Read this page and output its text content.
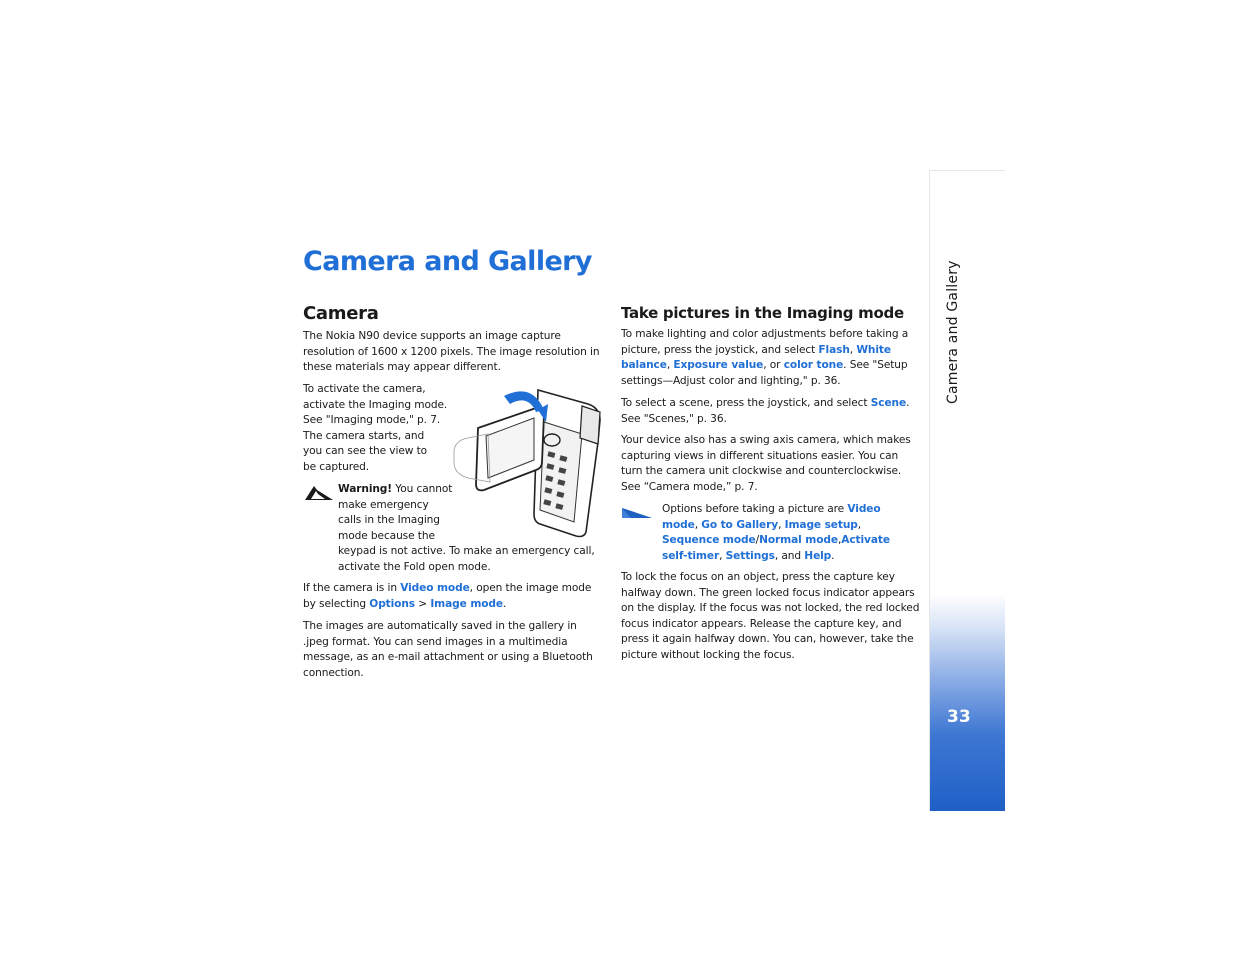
Camera and Gallery
Camera

The Nokia N90 device supports an image capture resolution of 1600 x 1200 pixels. The image resolution in these materials may appear different.

To activate the camera,

activate the Imaging mode.

See "Imaging mode," p. 7.

The camera starts, and

you can see the view to

be captured.

Warning! You cannot

make emergency

calls in the Imaging

mode because the

keypad is not active. To make an emergency call, activate the Fold open mode.

If the camera is in Video mode, open the image mode by selecting Options > Image mode.

The images are automatically saved in the gallery in .jpeg format. You can send images in a multimedia message, as an e-mail attachment or using a Bluetooth connection.

Take pictures in the Imaging mode

To make lighting and color adjustments before taking a picture, press the joystick, and select Flash, White balance, Exposure value, or color tone. See "Setup settings—Adjust color and lighting," p. 36.

To select a scene, press the joystick, and select Scene. See "Scenes," p. 36.

Your device also has a swing axis camera, which makes capturing views in different situations easier. You can turn the camera unit clockwise and counterclockwise. See “Camera mode,” p. 7.

Options before taking a picture are Video mode, Go to Gallery, Image setup, Sequence mode/Normal mode,Activate self-timer, Settings, and Help.

To lock the focus on an object, press the capture key halfway down. The green locked focus indicator appears on the display. If the focus was not locked, the red locked focus indicator appears. Release the capture key, and press it again halfway down. You can, however, take the picture without locking the focus.

Camera and Gallery
33
